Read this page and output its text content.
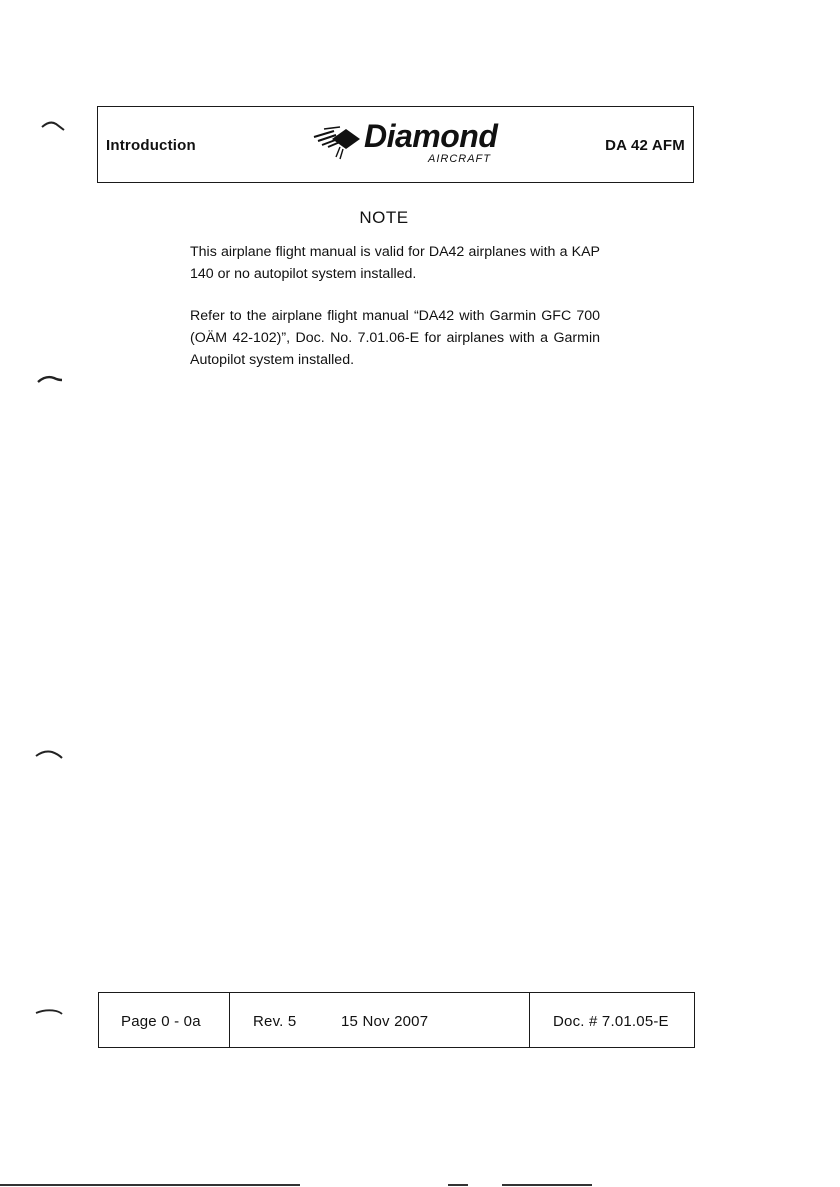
Introduction	Diamond
AIRCRAFT
DA 42 AFM
NOTE

This airplane flight manual is valid for DA42 airplanes with a KAP 140 or no autopilot system installed.

Refer to the airplane flight manual “DA42 with Garmin GFC 700 (OÄM 42-102)”, Doc. No. 7.01.06-E for airplanes with a Garmin Autopilot system installed.

Page 0 - 0a	Rev. 5	15 Nov 2007	Doc. # 7.01.05-E
